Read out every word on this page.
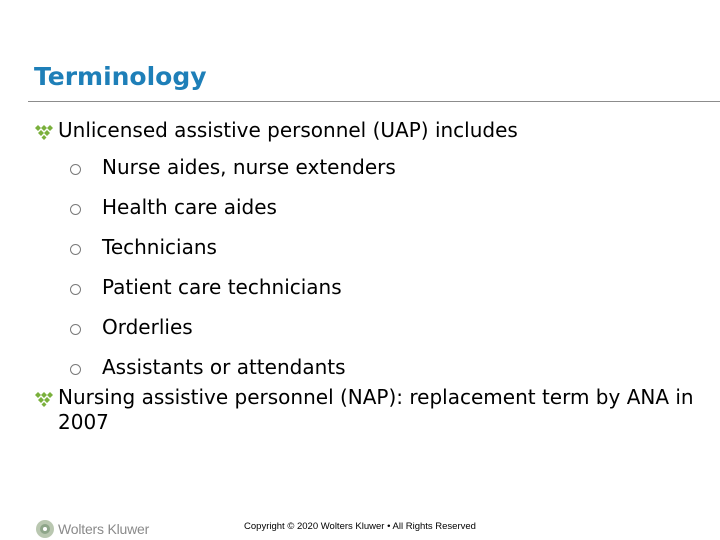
Terminology

Unlicensed assistive personnel (UAP) includes

Nurse aides, nurse extenders

Health care aides

Technicians

Patient care technicians

Orderlies

Assistants or attendants

Nursing assistive personnel (NAP): replacement term by ANA in 2007

Wolters Kluwer	Copyright © 2020 Wolters Kluwer • All Rights Reserved
